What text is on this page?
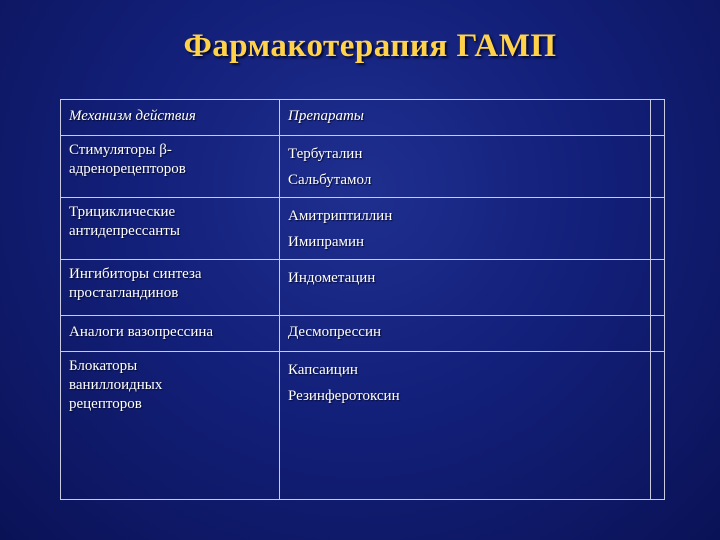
Фармакотерапия ГАМП
Механизм действия	Препараты	

Стимуляторы β-
адренорецепторов	Тербуталин
Сальбутамол	

Трициклические
антидепрессанты	Амитриптиллин
Имипрамин	

Ингибиторы синтеза
простагландинов	Индометацин	

Аналоги вазопрессина	Десмопрессин	

Блокаторы
ваниллоидных
рецепторов	Капсаицин
Резинферотоксин	
